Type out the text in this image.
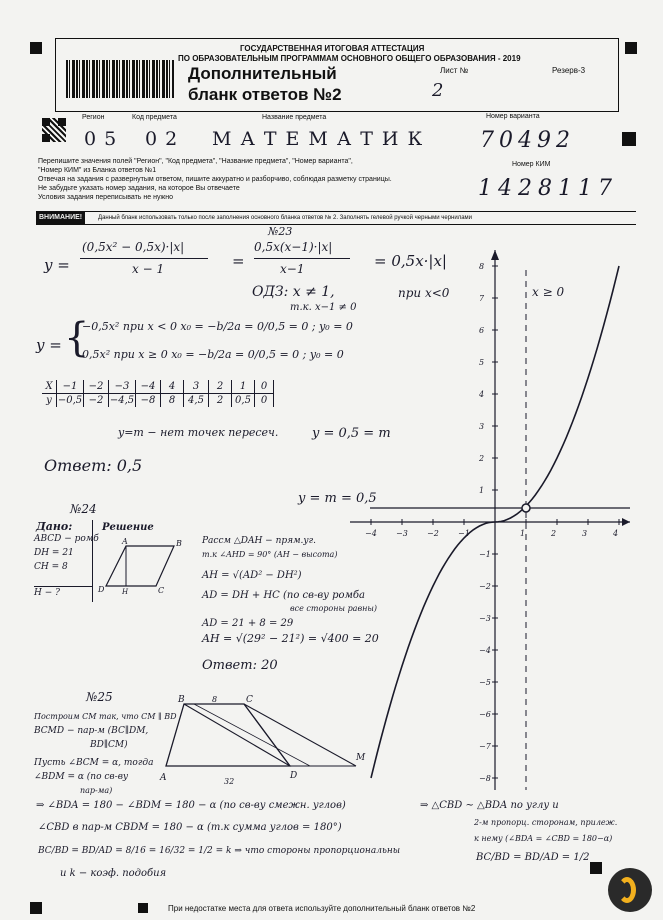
ГОСУДАРСТВЕННАЯ ИТОГОВАЯ АТТЕСТАЦИЯ
ПО ОБРАЗОВАТЕЛЬНЫМ ПРОГРАММАМ ОСНОВНОГО ОБЩЕГО ОБРАЗОВАНИЯ - 2019
Дополнительный
бланк ответов №2
Лист №
2
Резерв-3
Регион	Код предмета	Название предмета	Номер варианта
Номер КИМ
05 02 МАТЕМАТИК 70492
1428117
Перепишите значения полей "Регион", "Код предмета", "Название предмета", "Номер варианта",
"Номер КИМ" из Бланка ответов №1
Отвечая на задания с развернутым ответом, пишите аккуратно и разборчиво, соблюдая разметку страницы.
Не забудьте указать номер задания, на которое Вы отвечаете
Условия задания переписывать не нужно
ВНИМАНИЕ!	Данный бланк использовать только после заполнения основного бланка ответов № 2. Заполнять гелевой ручкой черными чернилами
№23
y =
(0,5x² − 0,5x)·|x|
x − 1	=
0,5x(x−1)·|x|
x−1	= 0,5x·|x|
ОДЗ: x ≠ 1,
т.к. x−1 ≠ 0
при x<0
y = {
−0,5x² при x < 0 x₀ = −b/2a = 0/0,5 = 0 ; y₀ = 0
0,5x² при x ≥ 0 x₀ = −b/2a = 0/0,5 = 0 ; y₀ = 0
X	−1	−2	−3	−4	4	3	2	1	0
y −0,5 −2 −4,5 −8	8	4,5	2	0,5 0
y=m − нет точек пересеч.	y = 0,5 = m
Ответ: 0,5
−4 −3 −2 −1	1	2	3	4
8
7
6
5
4
3
2
1
−1
−2
−3
−4
−5
−6
−7
−8
y = m = 0,5
x ≥ 0
№24
Дано:
ABCD − ромб
DH = 21
CH = 8
H − ?
Решение
A	B
D	C
H
Рассм △DAH − прям.уг.
т.к ∠AHD = 90° (AH − высота)
AH = √(AD² − DH²)
AD = DH + HC (по св-ву ромба
все стороны равны)
AD = 21 + 8 = 29
AH = √(29² − 21²) = √400 = 20
Ответ: 20
№25
Построим CM так, что CM ∥ BD
BCMD − пар-м (BC∥DM,
BD∥CM)
Пусть ∠BCM = α, тогда
∠BDM = α (по св-ву
пар-ма)
B	C
A	D
M
8
32
⇒ ∠BDA = 180 − ∠BDM = 180 − α (по св-ву смежн. углов)
∠CBD в пар-м CBDM = 180 − α (т.к сумма углов = 180°)
BC/BD = BD/AD = 8/16 = 16/32 = 1/2 = k ⇒ что стороны пропорциональны
и k − коэф. подобия
⇒ △CBD ∼ △BDA по углу и
2-м пропорц. сторонам, прилеж.
к нему (∠BDA = ∠CBD = 180−α)
BC/BD = BD/AD = 1/2
При недостатке места для ответа используйте дополнительный бланк ответов №2
